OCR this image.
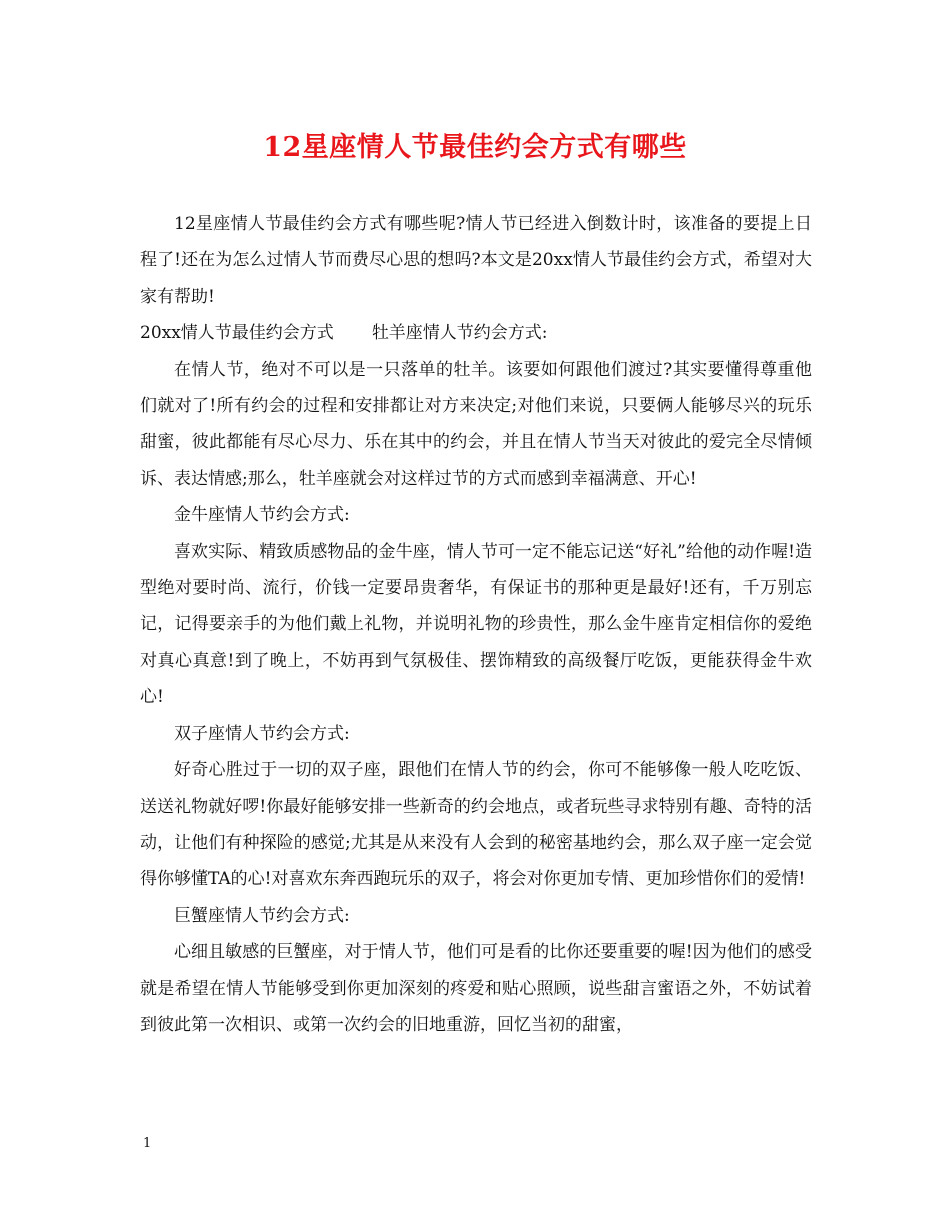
12星座情人节最佳约会方式有哪些

12星座情人节最佳约会方式有哪些呢?情人节已经进入倒数计时，该准备的要提上日程了!还在为怎么过情人节而费尽心思的想吗?本文是20xx情人节最佳约会方式，希望对大家有帮助!

20xx情人节最佳约会方式 牡羊座情人节约会方式:

在情人节，绝对不可以是一只落单的牡羊。该要如何跟他们渡过?其实要懂得尊重他们就对了!所有约会的过程和安排都让对方来决定;对他们来说，只要俩人能够尽兴的玩乐甜蜜，彼此都能有尽心尽力、乐在其中的约会，并且在情人节当天对彼此的爱完全尽情倾诉、表达情感;那么，牡羊座就会对这样过节的方式而感到幸福满意、开心!

金牛座情人节约会方式:

喜欢实际、精致质感物品的金牛座，情人节可一定不能忘记送“好礼”给他的动作喔!造型绝对要时尚、流行，价钱一定要昂贵奢华，有保证书的那种更是最好!还有，千万别忘记，记得要亲手的为他们戴上礼物，并说明礼物的珍贵性，那么金牛座肯定相信你的爱绝对真心真意!到了晚上，不妨再到气氛极佳、摆饰精致的高级餐厅吃饭，更能获得金牛欢心!

双子座情人节约会方式:

好奇心胜过于一切的双子座，跟他们在情人节的约会，你可不能够像一般人吃吃饭、送送礼物就好啰!你最好能够安排一些新奇的约会地点，或者玩些寻求特别有趣、奇特的活动，让他们有种探险的感觉;尤其是从来没有人会到的秘密基地约会，那么双子座一定会觉得你够懂TA的心!对喜欢东奔西跑玩乐的双子，将会对你更加专情、更加珍惜你们的爱情!

巨蟹座情人节约会方式:

心细且敏感的巨蟹座，对于情人节，他们可是看的比你还要重要的喔!因为他们的感受就是希望在情人节能够受到你更加深刻的疼爱和贴心照顾，说些甜言蜜语之外，不妨试着到彼此第一次相识、或第一次约会的旧地重游，回忆当初的甜蜜，

1
